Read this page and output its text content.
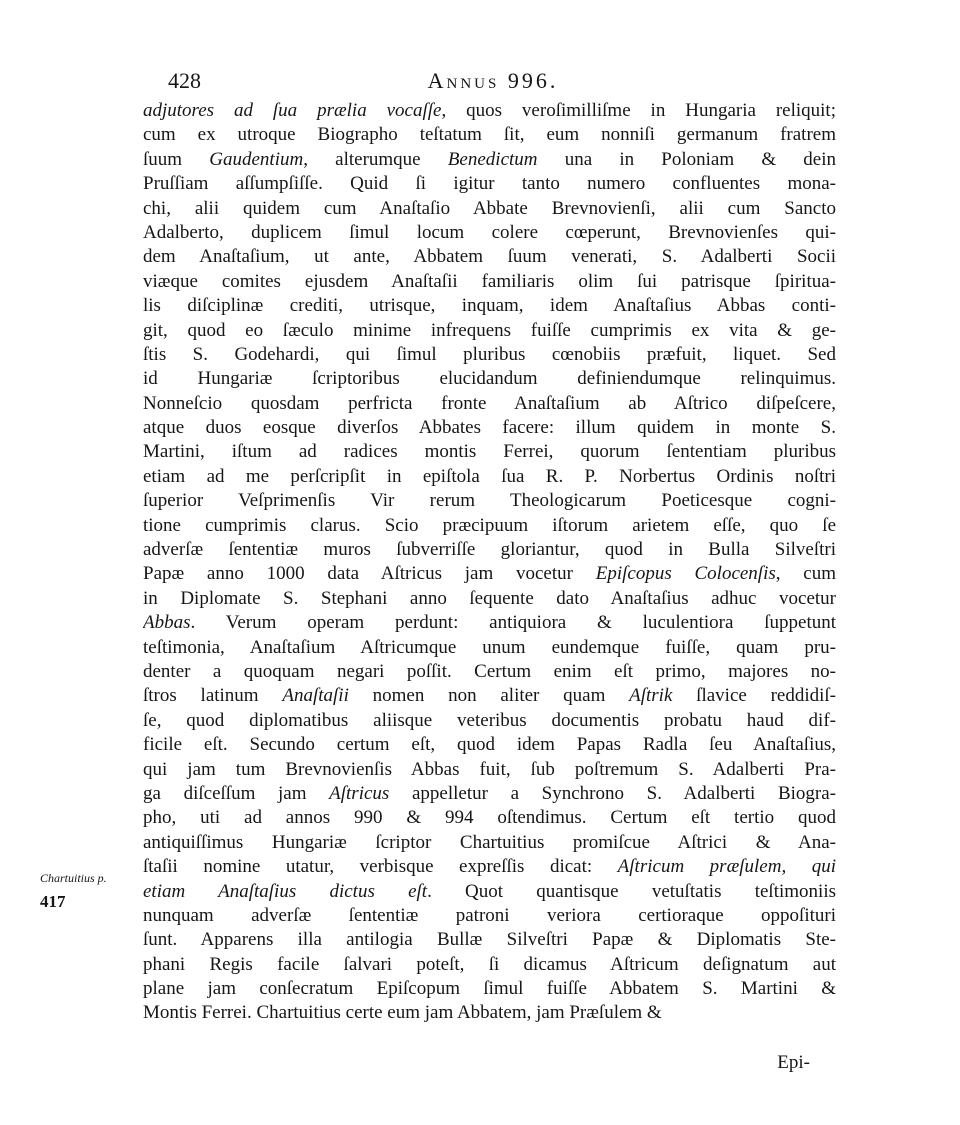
428	Annus 996.
adjutores ad ſua prælia vocaſſe, quos veroſimilliſme in Hungaria reliquit;
cum ex utroque Biographo teſtatum ſit, eum nonniſi germanum fratrem
ſuum Gaudentium, alterumque Benedictum una in Poloniam & dein
Pruſſiam aſſumpſiſſe. Quid ſi igitur tanto numero confluentes mona-
chi, alii quidem cum Anaſtaſio Abbate Brevnovienſi, alii cum Sancto
Adalberto, duplicem ſimul locum colere cœperunt, Brevnovienſes qui-
dem Anaſtaſium, ut ante, Abbatem ſuum venerati, S. Adalberti Socii
viæque comites ejusdem Anaſtaſii familiaris olim ſui patrisque ſpiritua-
lis diſciplinæ crediti, utrisque, inquam, idem Anaſtaſius Abbas conti-
git, quod eo ſæculo minime infrequens fuiſſe cumprimis ex vita & ge-
ſtis S. Godehardi, qui ſimul pluribus cœnobiis præfuit, liquet. Sed
id Hungariæ ſcriptoribus elucidandum definiendumque relinquimus.
Nonneſcio quosdam perfricta fronte Anaſtaſium ab Aſtrico diſpeſcere,
atque duos eosque diverſos Abbates facere: illum quidem in monte S.
Martini, iſtum ad radices montis Ferrei, quorum ſententiam pluribus
etiam ad me perſcripſit in epiſtola ſua R. P. Norbertus Ordinis noſtri
ſuperior Veſprimenſis Vir rerum Theologicarum Poeticesque cogni-
tione cumprimis clarus. Scio præcipuum iſtorum arietem eſſe, quo ſe
adverſæ ſententiæ muros ſubverriſſe gloriantur, quod in Bulla Silveſtri
Papæ anno 1000 data Aſtricus jam vocetur Epiſcopus Colocenſis, cum
in Diplomate S. Stephani anno ſequente dato Anaſtaſius adhuc vocetur
Abbas. Verum operam perdunt: antiquiora & luculentiora ſuppetunt
teſtimonia, Anaſtaſium Aſtricumque unum eundemque fuiſſe, quam pru-
denter a quoquam negari poſſit. Certum enim eſt primo, majores no-
ſtros latinum Anaſtaſii nomen non aliter quam Aſtrik ſlavice reddidiſ-
ſe, quod diplomatibus aliisque veteribus documentis probatu haud dif-
ficile eſt. Secundo certum eſt, quod idem Papas Radla ſeu Anaſtaſius,
qui jam tum Brevnovienſis Abbas fuit, ſub poſtremum S. Adalberti Pra-
ga diſceſſum jam Aſtricus appelletur a Synchrono S. Adalberti Biogra-
pho, uti ad annos 990 & 994 oſtendimus. Certum eſt tertio quod
antiquiſſimus Hungariæ ſcriptor Chartuitius promiſcue Aſtrici & Ana-
ſtaſii nomine utatur, verbisque expreſſis dicat: Aſtricum præſulem, qui
etiam Anaſtaſius dictus eſt. Quot quantisque vetuſtatis teſtimoniis
nunquam adverſæ ſententiæ patroni veriora certioraque oppoſituri
ſunt. Apparens illa antilogia Bullæ Silveſtri Papæ & Diplomatis Ste-
phani Regis facile ſalvari poteſt, ſi dicamus Aſtricum deſignatum aut
plane jam conſecratum Epiſcopum ſimul fuiſſe Abbatem S. Martini &
Montis Ferrei. Chartuitius certe eum jam Abbatem, jam Præſulem &
Chartuitius p.
417
Epi-
